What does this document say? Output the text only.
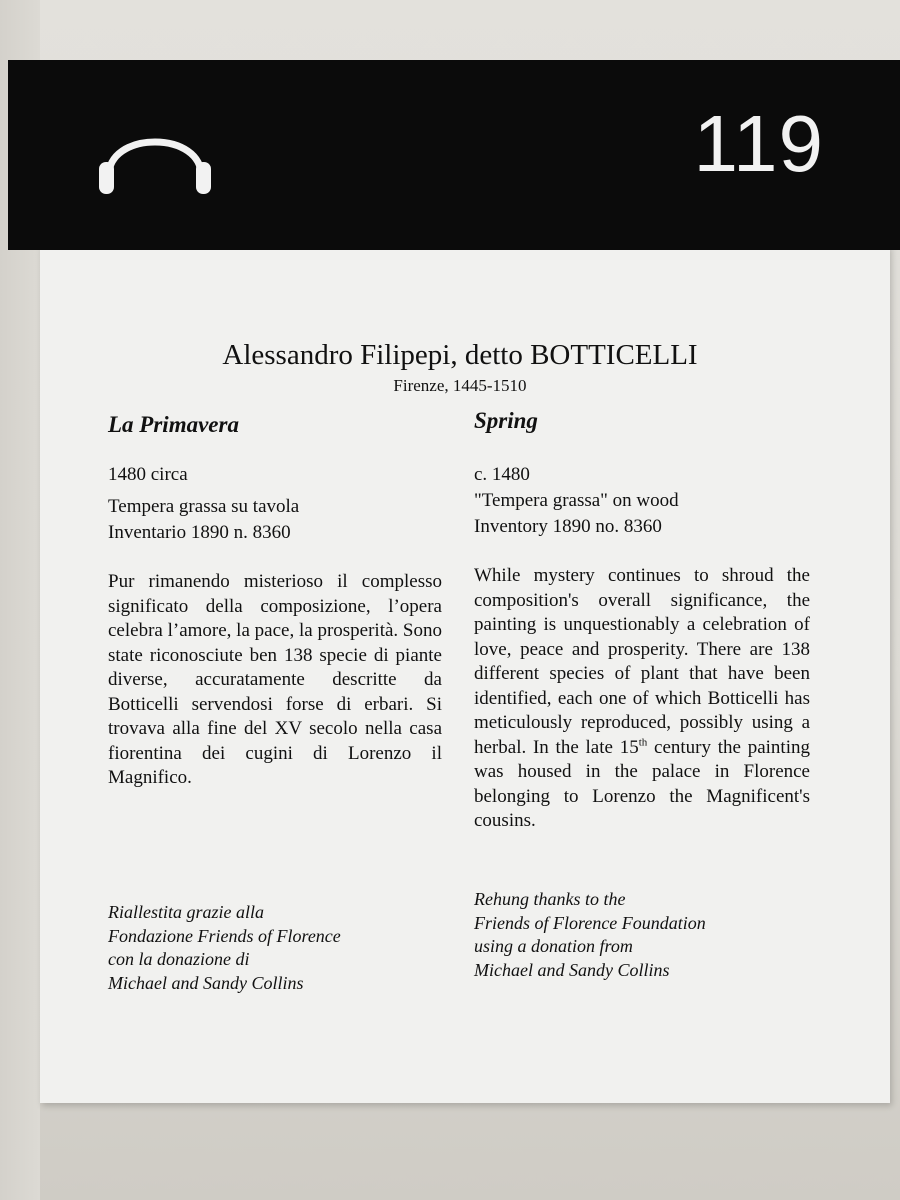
119
Alessandro Filipepi, detto BOTTICELLI
Firenze, 1445-1510
La Primavera
1480 circa
Tempera grassa su tavola
Inventario 1890 n. 8360
Pur rimanendo misterioso il complesso significato della composizione, l’opera celebra l’amore, la pace, la prosperità. Sono state riconosciute ben 138 specie di piante diverse, accuratamente descritte da Botticelli servendosi forse di erbari. Si trovava alla fine del XV secolo nella casa fiorentina dei cugini di Lorenzo il Magnifico.
Riallestita grazie alla
Fondazione Friends of Florence
con la donazione di
Michael and Sandy Collins
Spring
c. 1480
"Tempera grassa" on wood
Inventory 1890 no. 8360
While mystery continues to shroud the composition's overall significance, the painting is unquestionably a celebration of love, peace and prosperity. There are 138 different species of plant that have been identified, each one of which Botticelli has meticulously reproduced, possibly using a herbal. In the late 15th century the painting was housed in the palace in Florence belonging to Lorenzo the Magnificent's cousins.
Rehung thanks to the
Friends of Florence Foundation
using a donation from
Michael and Sandy Collins
